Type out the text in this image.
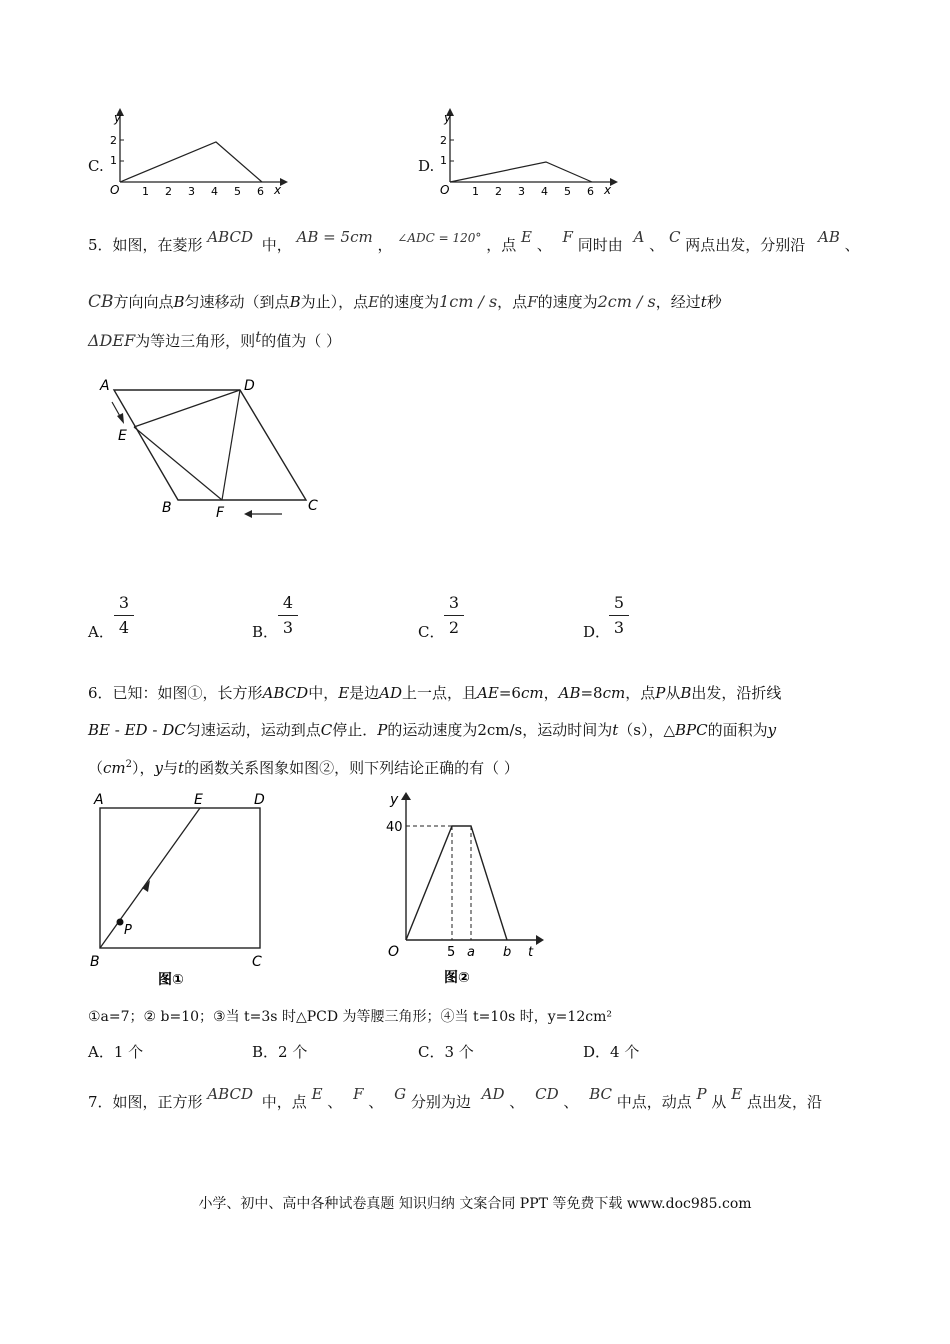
C.
y
x
O
1
2
1 2 3 4 5 6
D.
y
x
O
1
2
1 2 3 4 5 6
5．如图，在菱形 ABCD 中， AB = 5cm ， $^{\angle ADC = 120^\circ}$ ，点 E 、 F 同时由 A 、 C 两点出发，分别沿 AB 、
CB方向向点B匀速移动（到点B为止），点E的速度为1cm / s，点F的速度为2cm / s，经过t秒
ΔDEF为等边三角形，则t的值为（ ）
A	D
E
B	F	C
A．
3
4	B．
4
3	C．
3
2	D．
5
3
6．已知：如图①，长方形ABCD中，E是边AD上一点，且AE=6cm，AB=8cm，点P从B出发，沿折线
BE - ED - DC匀速运动，运动到点C停止．P的运动速度为2cm/s，运动时间为t（s），△BPC的面积为y
$(cm^2)$，y与t的函数关系图象如图②，则下列结论正确的有（ ）
A	E	D
P
B	C
图①
y
40
O	5 a b t
图②
①a=7；② b=10；③当 t=3s 时△PCD 为等腰三角形；④当 t=10s 时，y=12cm²
A．1 个	B．2 个	C．3 个	D．4 个
7．如图，正方形 ABCD 中，点 E 、 F 、 G 分别为边 AD 、 CD 、 BC 中点，动点 P 从 E 点出发，沿
小学、初中、高中各种试卷真题 知识归纳 文案合同 PPT 等免费下载 www.doc985.com
